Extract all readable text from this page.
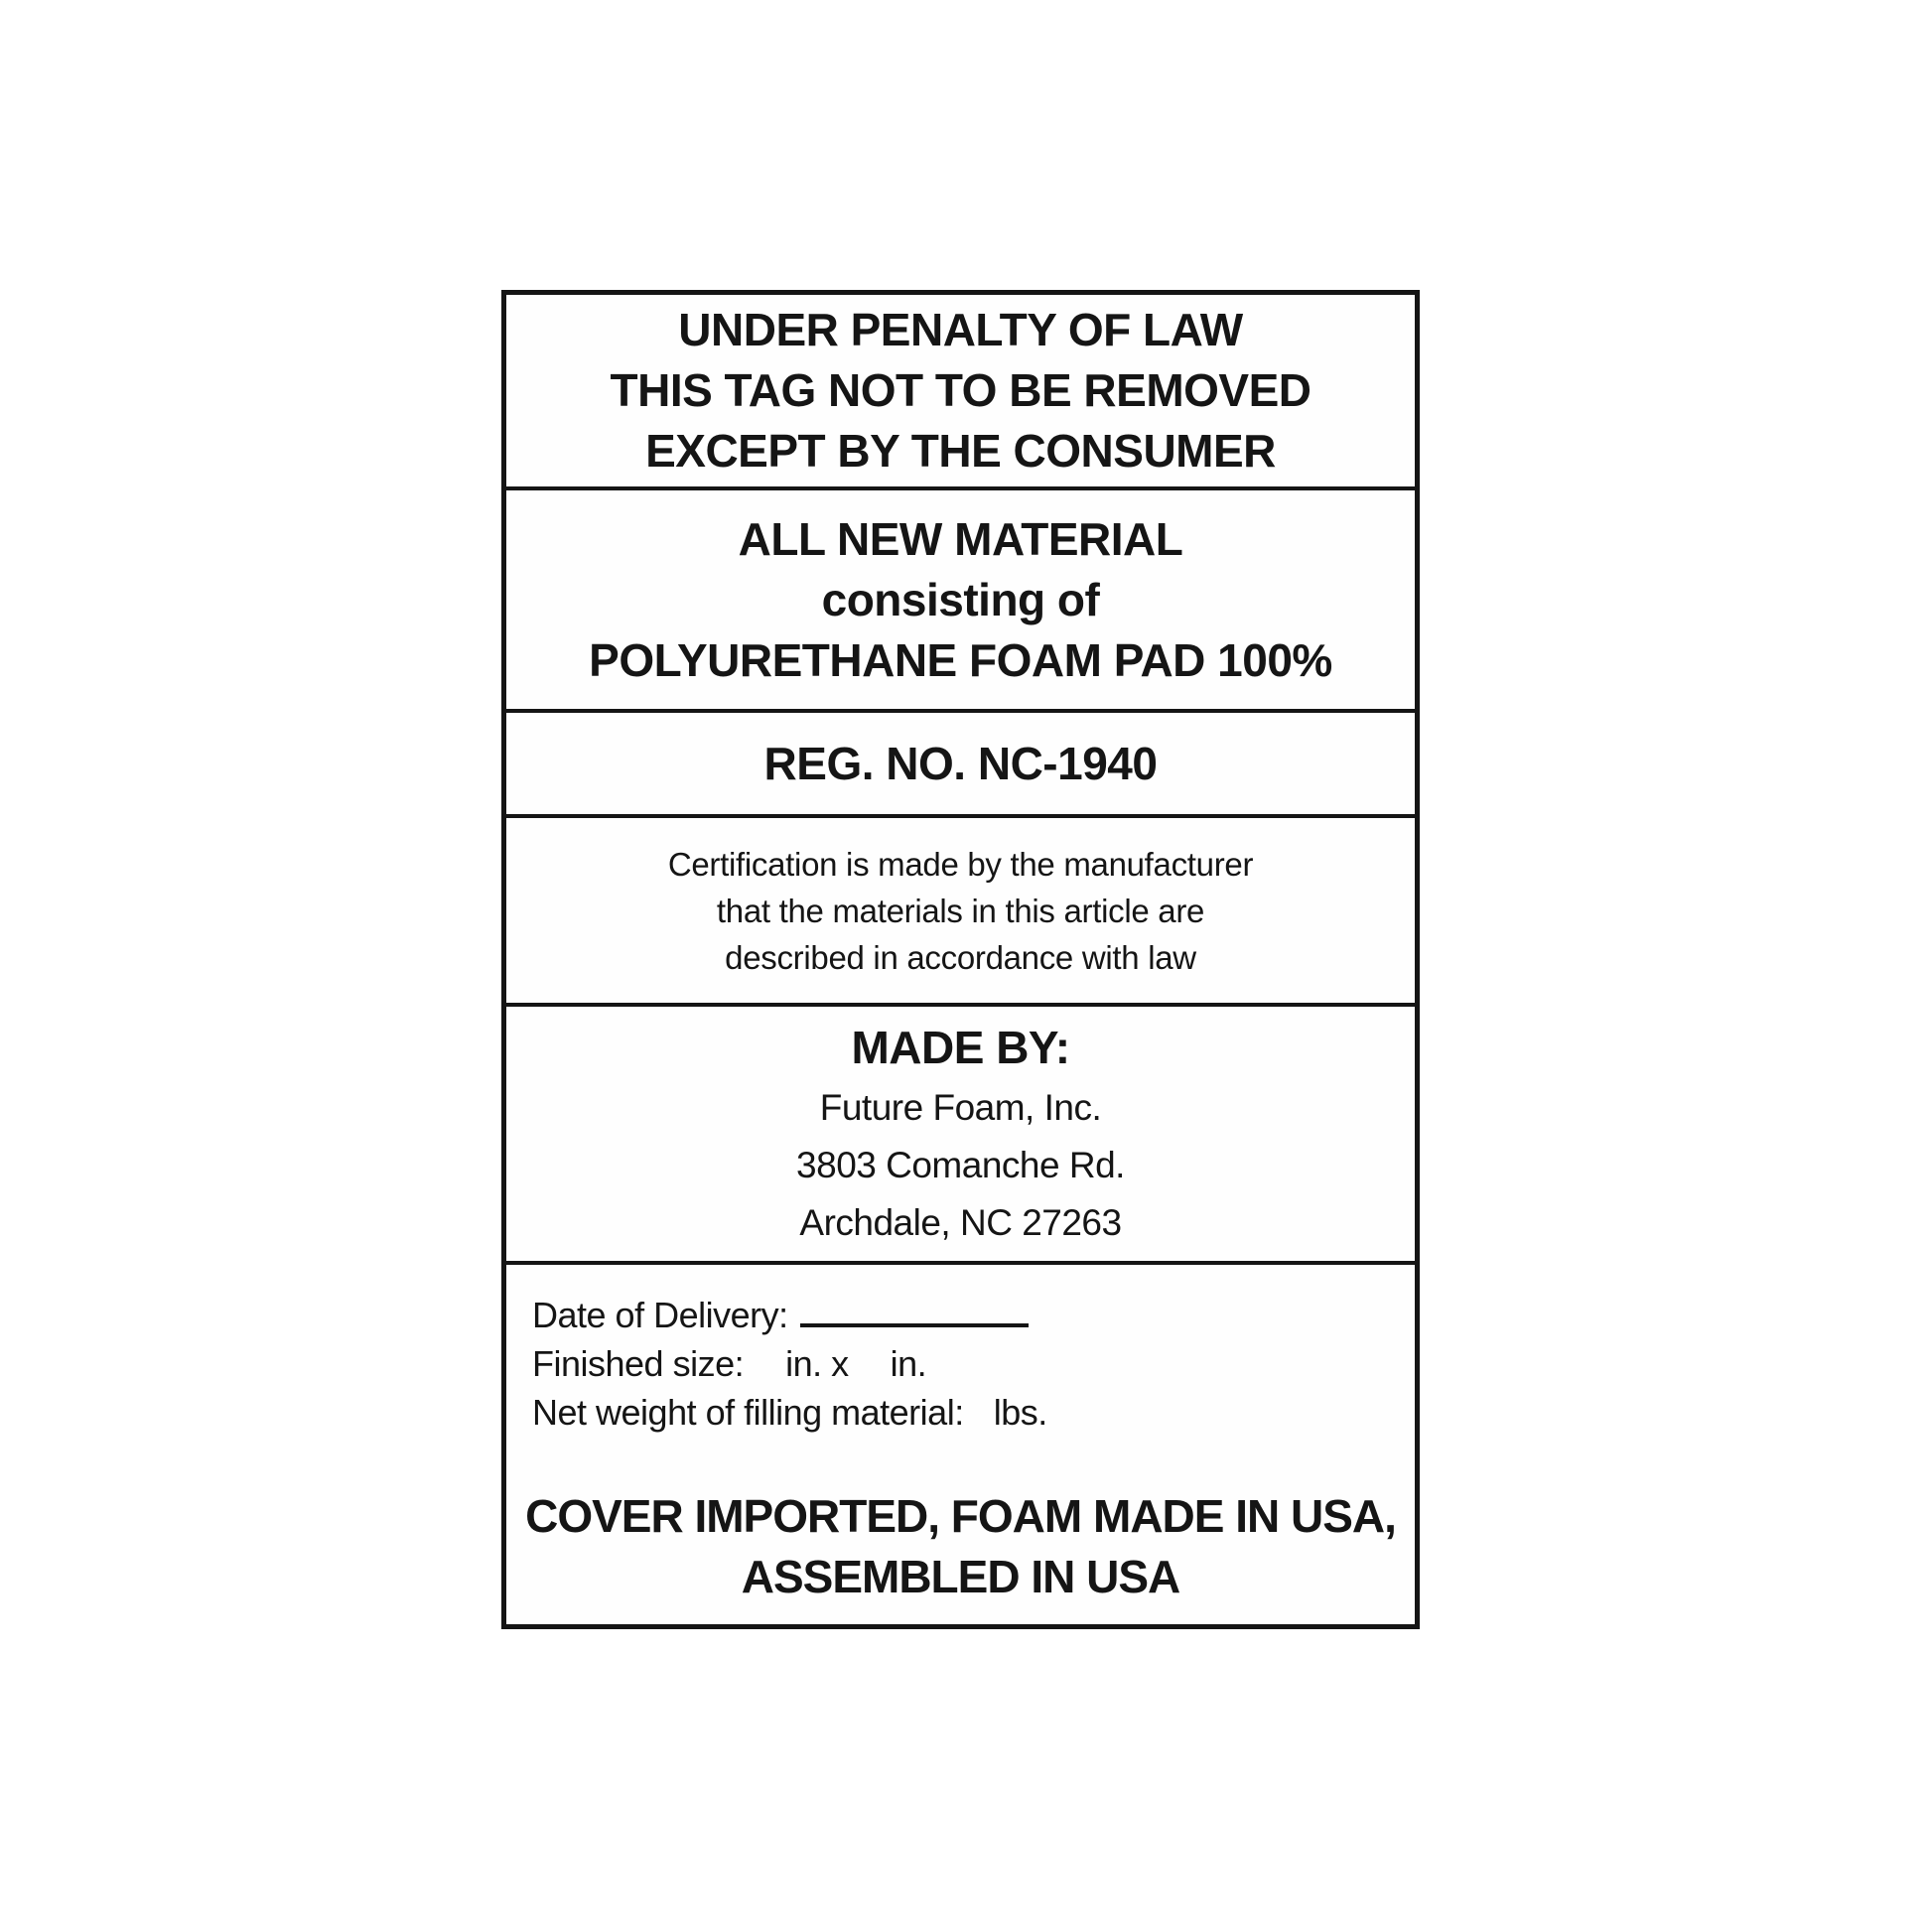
UNDER PENALTY OF LAW
THIS TAG NOT TO BE REMOVED
EXCEPT BY THE CONSUMER
ALL NEW MATERIAL
consisting of
POLYURETHANE FOAM PAD 100%
REG. NO. NC-1940
Certification is made by the manufacturer
that the materials in this article are
described in accordance with law
MADE BY:
Future Foam, Inc.
3803 Comanche Rd.
Archdale, NC 27263
Date of Delivery:
Finished size: in. x in.
Net weight of filling material: lbs.
COVER IMPORTED, FOAM MADE IN USA,
ASSEMBLED IN USA
